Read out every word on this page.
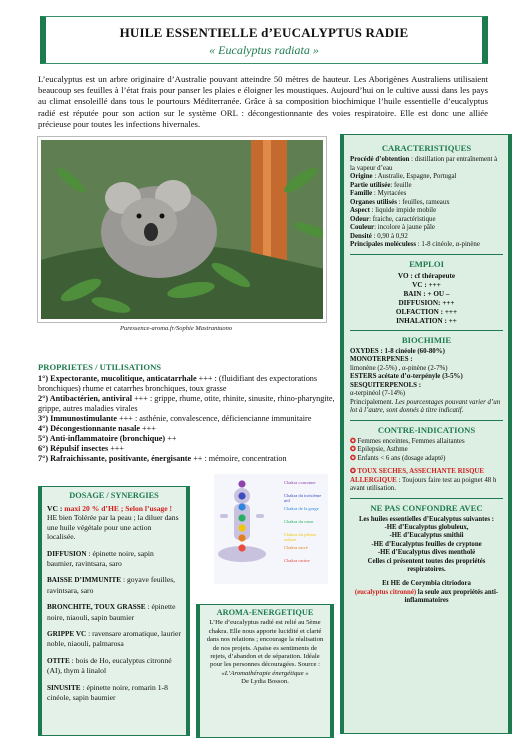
HUILE ESSENTIELLE d’EUCALYPTUS RADIE
« Eucalyptus radiata »
L’eucalyptus est un arbre originaire d’Australie pouvant atteindre 50 mètres de hauteur. Les Aborigènes Australiens utilisaient beaucoup ses feuilles à l’état frais pour panser les plaies e éloigner les moustiques. Aujourd’hui on le cultive aussi dans les pays au climat ensoleillé dans tous le pourtours Méditerranée. Grâce à sa composition biochimique l’huile essentielle d’eucalyptus radié est réputée pour son action sur le système ORL : décongestionnante des voies respiratoire. Elle est donc une alliée précieuse pour toutes les infections hivernales.
Puressence-aroma.fr/Sophie Mastrantuono
PROPRIETES / UTILISATIONS
1°) Expectorante, mucolitique, anticatarrhale +++ : (fluidifiant des expectorations bronchiques) rhume et catarrhes bronchiques, toux grasse
2°) Antibactérien, antiviral +++ : grippe, rhume, otite, rhinite, sinusite, rhino-pharyngite, grippe, autres maladies virales
3°) Immunostimulante +++ : asthénie, convalescence, déficiencianne immunitaire
4°) Décongestionnante nasale +++
5°) Anti-inflammatoire (bronchique) ++
6°) Répulsif insectes +++
7°) Rafraichissante, positivante, énergisante ++ : mémoire, concentration
DOSAGE / SYNERGIES

VC : maxi 20 % d’HE ; Selon l’usage !
HE bien Tolérée par la peau ; la diluer dans une huile végétale pour une action localisée.

DIFFUSION : épinette noire, sapin baumier, ravintsara, saro

BAISSE D’IMMUNITE : goyave feuilles, ravintsara, saro

BRONCHITE, TOUX GRASSE : épinette noire, niaouli, sapin baumier

GRIPPE VC : ravensare aromatique, laurier noble, niaouli, palmarosa

OTITE : bois de Ho, eucalyptus citronné (AI), thym à linalol

SINUSITE : épinette noire, romarin 1-8 cinéole, sapin baumier

Chakra couronne
Chakra du troisième œil
Chakra de la gorge
Chakra du cœur
Chakra du plexus solaire
Chakra sacré
Chakra racine
AROMA-ENERGETIQUE
L’He d’eucalyptus radié est relié au 5ème chakra. Elle nous apporte lucidité et clarté dans nos relations ; encourage la réalisation de nos projets. Apaise es sentiments de rejets, d’abandon et de séparation. Idéale pour les personnes découragées. Source :
«L’Aromathérapie énergétique »
De Lydia Bosson.
CARACTERISTIQUES
Procédé d’obtention : distillation par entraînement à la vapeur d’eau
Origine : Australie, Espagne, Portugal
Partie utilisée: feuille
Famille : Myrtacées
Organes utilisés : feuilles, rameaux
Aspect : liquide impide mobile
Odeur: fraiche, caractéristique
Couleur: incolore à jaune pâle
Densité : 0,90 à 0,92
Principales moléculess : 1-8 cinéole, α-pinène
EMPLOI
VO : cf thérapeute
VC : +++
BAIN : + OU –
DIFFUSION: +++
OLFACTION : +++
INHALATION : ++
BIOCHIMIE
OXYDES : 1-8 cinéole (60-80%)
MONOTERPENES :
limonène (2-5%) , α-pinène (2-7%)
ESTERS acétate d’α-terpényle (3-5%)
SESQUITERPENOLS :
α-terpinéol (7-14%)
Principalement. Les pourcentages pouvant varier d’un lot à l’autre, sont donnés à titre indicatif.
CONTRE-INDICATIONS
✪ Femmes enceintes, Femmes allaitantes
✪ Epilepsie, Asthme
✪ Enfants < 6 ans (dosage adapté)
✪ TOUX SECHES, ASSECHANTE RISQUE ALLERGIQUE : Toujours faire test au poignet 48 h avant utilisation.
NE PAS CONFONDRE AVEC
Les huiles essentielles d’Eucalyptus suivantes :
-HE d’Eucalyptus globuleux,
-HE d’Eucalyptus smithii
-HE d’Eucalyptus feuilles de cryptone
-HE d’Eucalyptus dives mentholé
Celles ci présentent toutes des propriétés respiratoires.
Et HE de Corymbia citriodora
(eucalyptus citronné) la seule aux propriétés anti-inflammatoires
